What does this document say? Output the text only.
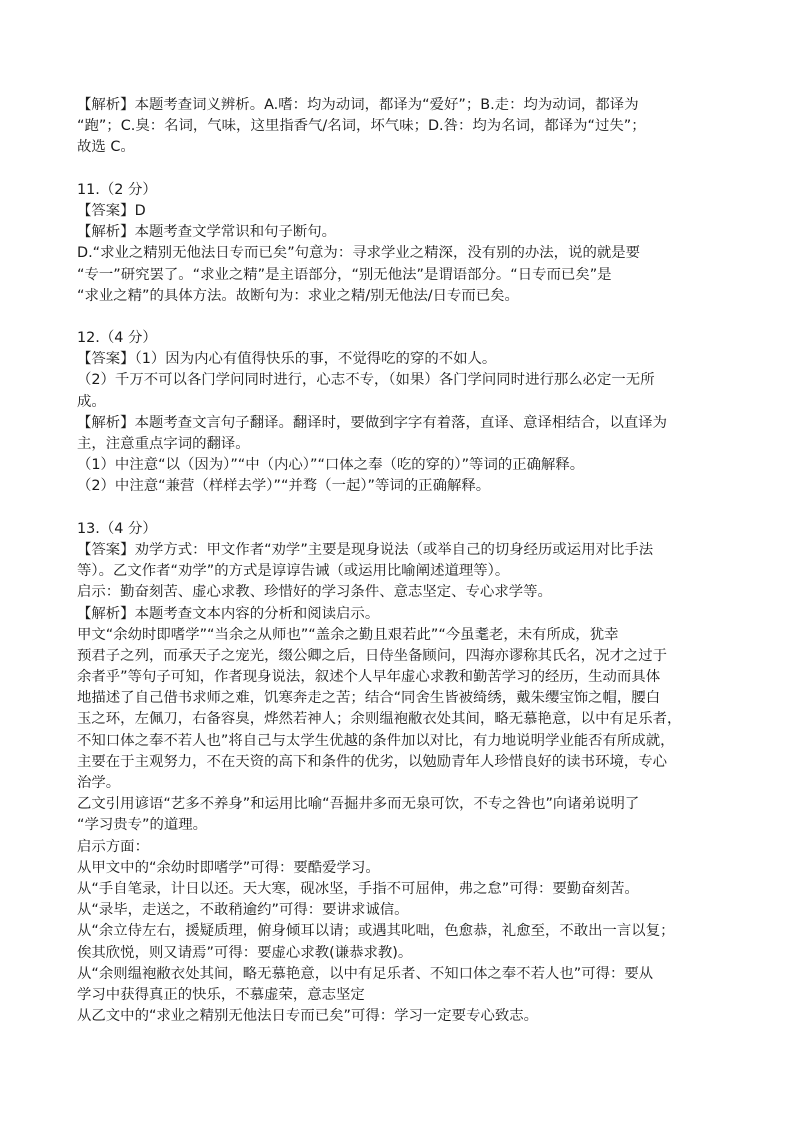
【解析】本题考查词义辨析。A.嗜：均为动词，都译为“爱好”；B.走：均为动词，都译为
“跑”；C.臭：名词，气味，这里指香气/名词，坏气味；D.咎：均为名词，都译为“过失”；
故选 C。
11.（2 分）
【答案】D
【解析】本题考查文学常识和句子断句。
D.“求业之精别无他法日专而已矣”句意为：寻求学业之精深，没有别的办法，说的就是要
“专一”研究罢了。“求业之精”是主语部分，“别无他法”是谓语部分。“日专而已矣”是
“求业之精”的具体方法。故断句为：求业之精/别无他法/日专而已矣。
12.（4 分）
【答案】（1）因为内心有值得快乐的事，不觉得吃的穿的不如人。
（2）千万不可以各门学问同时进行，心志不专，（如果）各门学问同时进行那么必定一无所
成。
【解析】本题考查文言句子翻译。翻译时，要做到字字有着落，直译、意译相结合，以直译为
主，注意重点字词的翻译。
（1）中注意“以（因为）”“中（内心）”“口体之奉（吃的穿的）”等词的正确解释。
（2）中注意“兼营（样样去学）”“并骛（一起）”等词的正确解释。
13.（4 分）
【答案】劝学方式：甲文作者“劝学”主要是现身说法（或举自己的切身经历或运用对比手法
等）。乙文作者“劝学”的方式是谆谆告诫（或运用比喻阐述道理等）。
启示：勤奋刻苦、虚心求教、珍惜好的学习条件、意志坚定、专心求学等。
【解析】本题考查文本内容的分析和阅读启示。
甲文“余幼时即嗜学”“当余之从师也”“盖余之勤且艰若此”“今虽耄老，未有所成，犹幸
预君子之列，而承天子之宠光，缀公卿之后，日侍坐备顾问，四海亦谬称其氏名，况才之过于
余者乎”等句子可知，作者现身说法，叙述个人早年虚心求教和勤苦学习的经历，生动而具体
地描述了自己借书求师之难，饥寒奔走之苦；结合“同舍生皆被绮绣，戴朱缨宝饰之帽，腰白
玉之环，左佩刀，右备容臭，烨然若神人；余则缊袍敝衣处其间，略无慕艳意，以中有足乐者，
不知口体之奉不若人也”将自己与太学生优越的条件加以对比，有力地说明学业能否有所成就，
主要在于主观努力，不在天资的高下和条件的优劣，以勉励青年人珍惜良好的读书环境，专心
治学。
乙文引用谚语“艺多不养身”和运用比喻“吾掘井多而无泉可饮，不专之咎也”向诸弟说明了
“学习贵专”的道理。
启示方面：
从甲文中的“余幼时即嗜学”可得：要酷爱学习。
从“手自笔录，计日以还。天大寒，砚冰坚，手指不可屈伸，弗之怠”可得：要勤奋刻苦。
从“录毕，走送之，不敢稍逾约”可得：要讲求诚信。
从“余立侍左右，援疑质理，俯身倾耳以请；或遇其叱咄，色愈恭，礼愈至，不敢出一言以复；
俟其欣悦，则又请焉”可得：要虚心求教(谦恭求教)。
从“余则缊袍敝衣处其间，略无慕艳意，以中有足乐者、不知口体之奉不若人也”可得：要从
学习中获得真正的快乐，不慕虚荣，意志坚定
从乙文中的“求业之精别无他法日专而已矣”可得：学习一定要专心致志。
